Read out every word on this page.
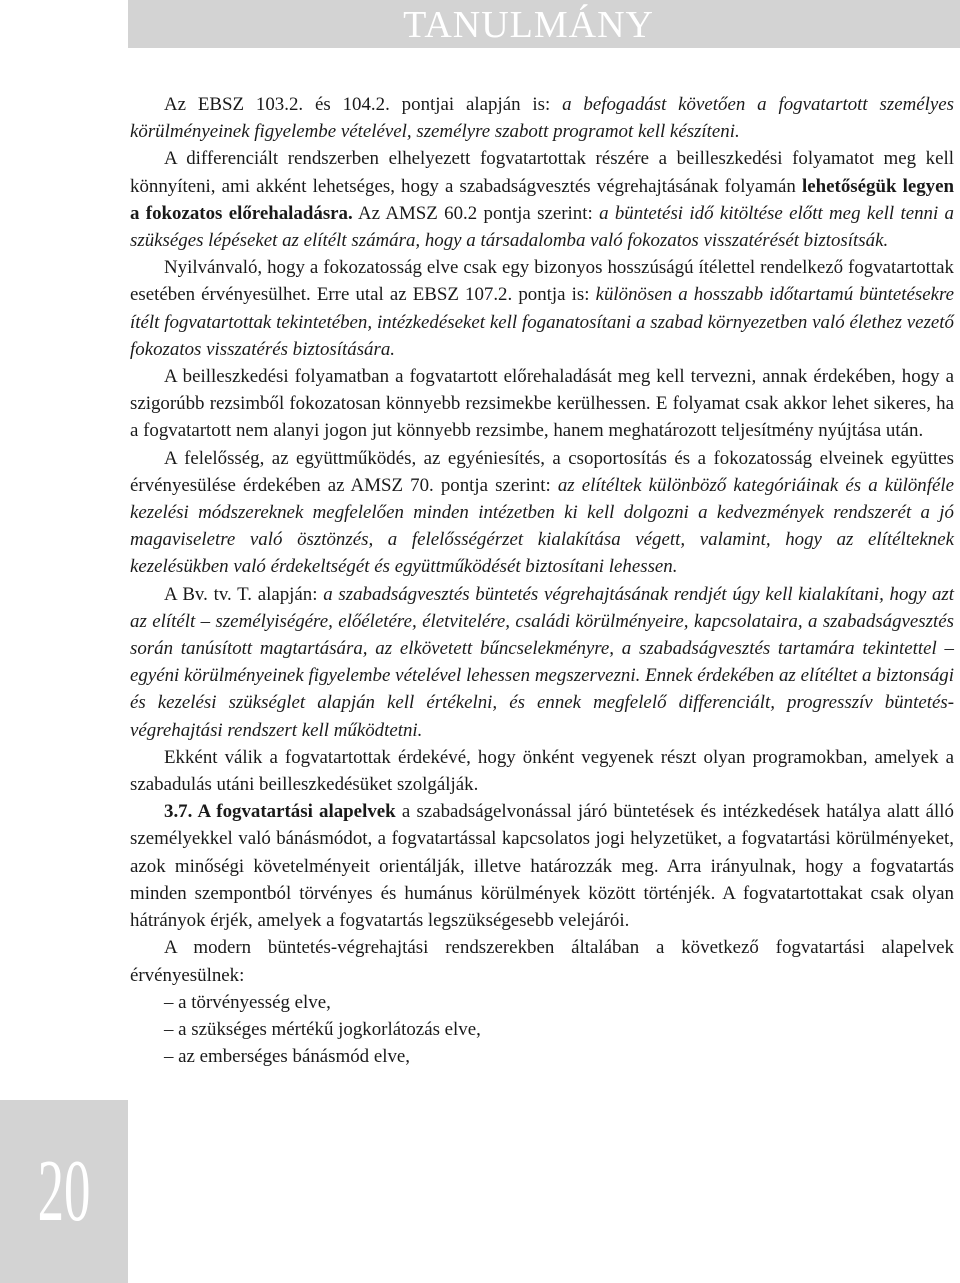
TANULMÁNY
20

Az EBSZ 103.2. és 104.2. pontjai alapján is: a befogadást követően a fogvatartott személyes körülményeinek figyelembe vételével, személyre szabott programot kell készíteni.

A differenciált rendszerben elhelyezett fogvatartottak részére a beilleszkedési folyamatot meg kell könnyíteni, ami akként lehetséges, hogy a szabadságvesztés végrehajtásának folyamán lehetőségük legyen a fokozatos előrehaladásra. Az AMSZ 60.2 pontja szerint: a büntetési idő kitöltése előtt meg kell tenni a szükséges lépéseket az elítélt számára, hogy a társadalomba való fokozatos visszatérését biztosítsák.

Nyilvánvaló, hogy a fokozatosság elve csak egy bizonyos hosszúságú ítélettel rendelkező fogvatartottak esetében érvényesülhet. Erre utal az EBSZ 107.2. pontja is: különösen a hosszabb időtartamú büntetésekre ítélt fogvatartottak tekintetében, intézkedéseket kell foganatosítani a szabad környezetben való élethez vezető fokozatos visszatérés biztosítására.

A beilleszkedési folyamatban a fogvatartott előrehaladását meg kell tervezni, annak érdekében, hogy a szigorúbb rezsimből fokozatosan könnyebb rezsimekbe kerülhessen. E folyamat csak akkor lehet sikeres, ha a fogvatartott nem alanyi jogon jut könnyebb rezsimbe, hanem meghatározott teljesítmény nyújtása után.

A felelősség, az együttműködés, az egyéniesítés, a csoportosítás és a fokozatosság elveinek együttes érvényesülése érdekében az AMSZ 70. pontja szerint: az elítéltek különböző kategóriáinak és a különféle kezelési módszereknek megfelelően minden intézetben ki kell dolgozni a kedvezmények rendszerét a jó magaviseletre való ösztönzés, a felelősségérzet kialakítása végett, valamint, hogy az elítélteknek kezelésükben való érdekeltségét és együttműködését biztosítani lehessen.

A Bv. tv. T. alapján: a szabadságvesztés büntetés végrehajtásának rendjét úgy kell kialakítani, hogy azt az elítélt – személyiségére, előéletére, életvitelére, családi körülményeire, kapcsolataira, a szabadságvesztés során tanúsított magtartására, az elkövetett bűncselekményre, a szabadságvesztés tartamára tekintettel – egyéni körülményeinek figyelembe vételével lehessen megszervezni. Ennek érdekében az elítéltet a biztonsági és kezelési szükséglet alapján kell értékelni, és ennek megfelelő differenciált, progresszív büntetés-végrehajtási rendszert kell működtetni.

Ekként válik a fogvatartottak érdekévé, hogy önként vegyenek részt olyan programokban, amelyek a szabadulás utáni beilleszkedésüket szolgálják.

3.7. A fogvatartási alapelvek a szabadságelvonással járó büntetések és intézkedések hatálya alatt álló személyekkel való bánásmódot, a fogvatartással kapcsolatos jogi helyzetüket, a fogvatartási körülményeket, azok minőségi követelményeit orientálják, illetve határozzák meg. Arra irányulnak, hogy a fogvatartás minden szempontból törvényes és humánus körülmények között történjék. A fogvatartottakat csak olyan hátrányok érjék, amelyek a fogvatartás legszükségesebb velejárói.

A modern büntetés-végrehajtási rendszerekben általában a következő fogvatartási alapelvek érvényesülnek:

– a törvényesség elve,

– a szükséges mértékű jogkorlátozás elve,

– az emberséges bánásmód elve,
